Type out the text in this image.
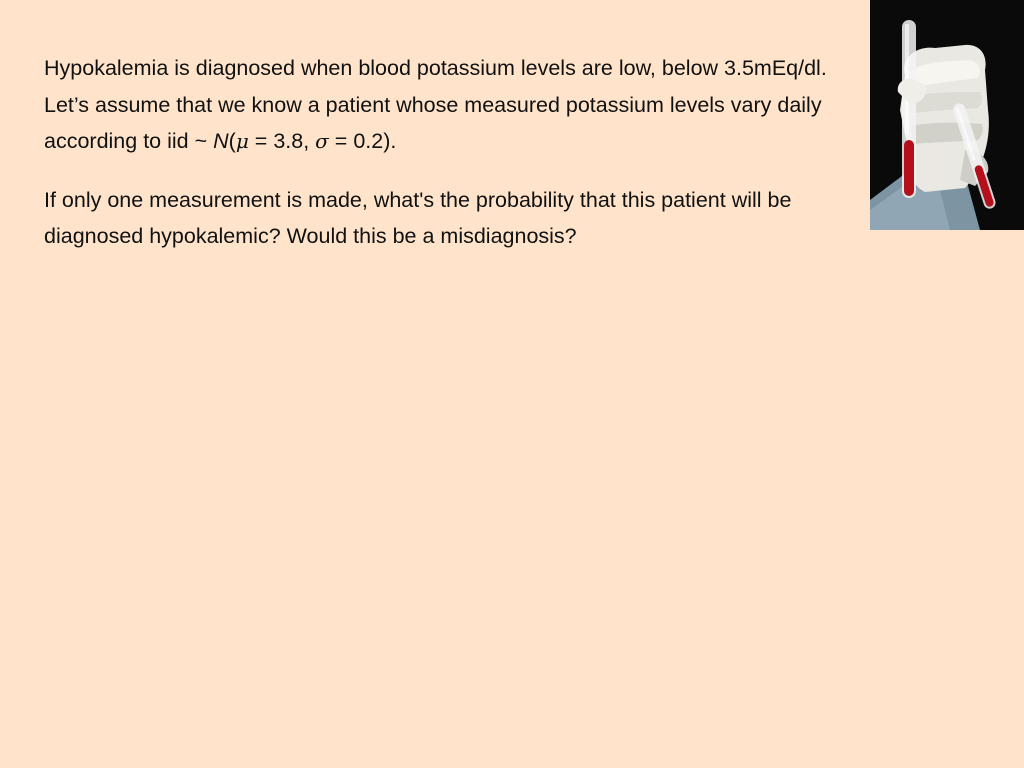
Hypokalemia is diagnosed when blood potassium levels are low, below 3.5mEq/dl. Let’s assume that we know a patient whose measured potassium levels vary daily according to iid ~ N(μ = 3.8, σ = 0.2).

If only one measurement is made, what's the probability that this patient will be diagnosed hypokalemic? Would this be a misdiagnosis?
